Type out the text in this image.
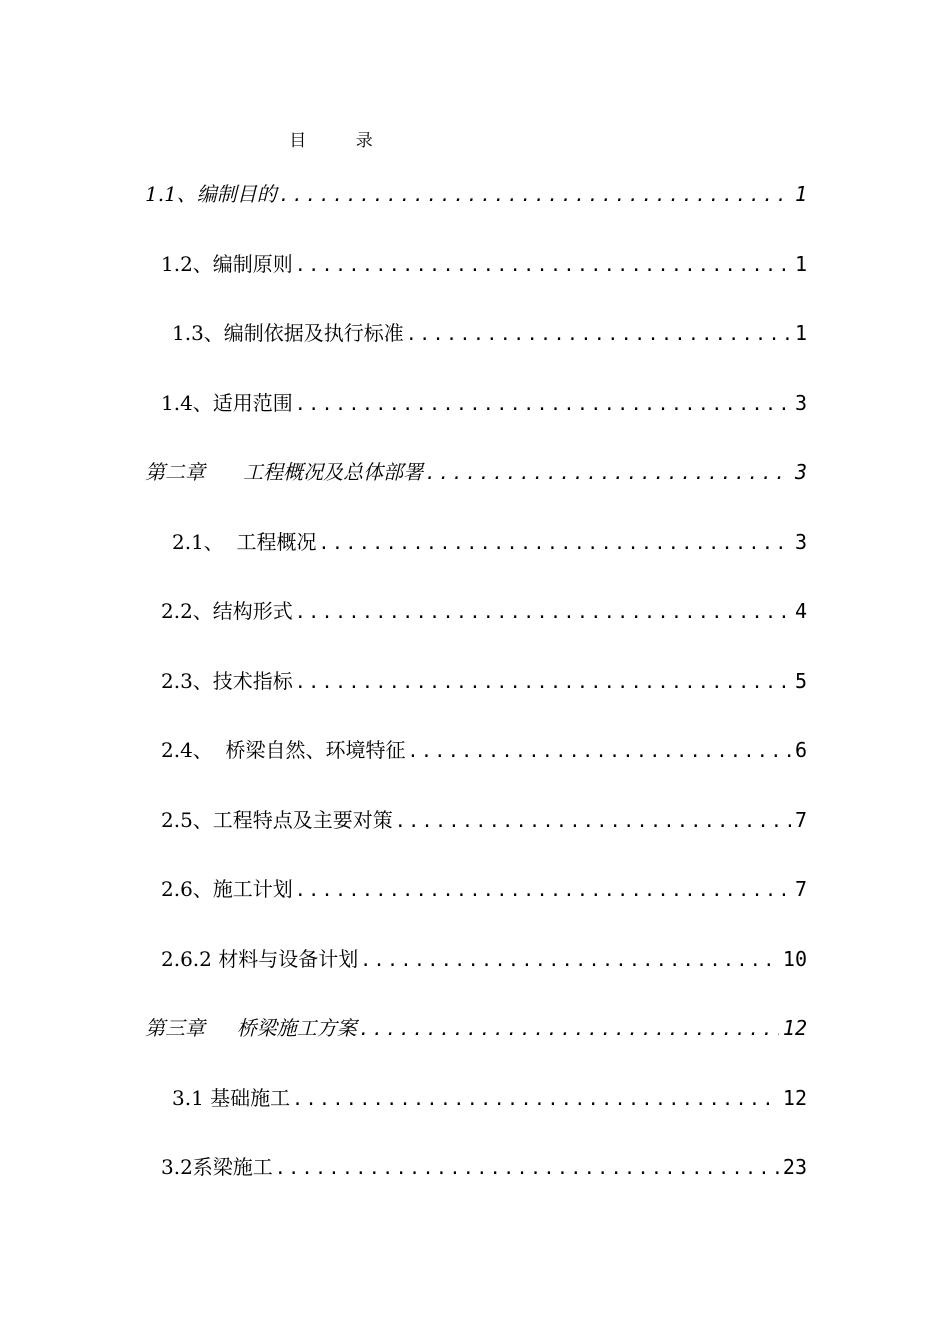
目 录
1.1、编制目的 .....	1
1.2、编制原则 .....	1
1.3、编制依据及执行标准 .....	1
1.4、适用范围 .....	3
第二章      工程概况及总体部署 .....	3
2.1、  工程概况 .....	3
2.2、结构形式 .....	4
2.3、技术指标 .....	5
2.4、  桥梁自然、环境特征 .....	6
2.5、工程特点及主要对策 .....	7
2.6、施工计划 .....	7
2.6.2 材料与设备计划 .....	10
第三章     桥梁施工方案 .....	12
3.1 基础施工 .....	12
3.2系梁施工 .....	23
